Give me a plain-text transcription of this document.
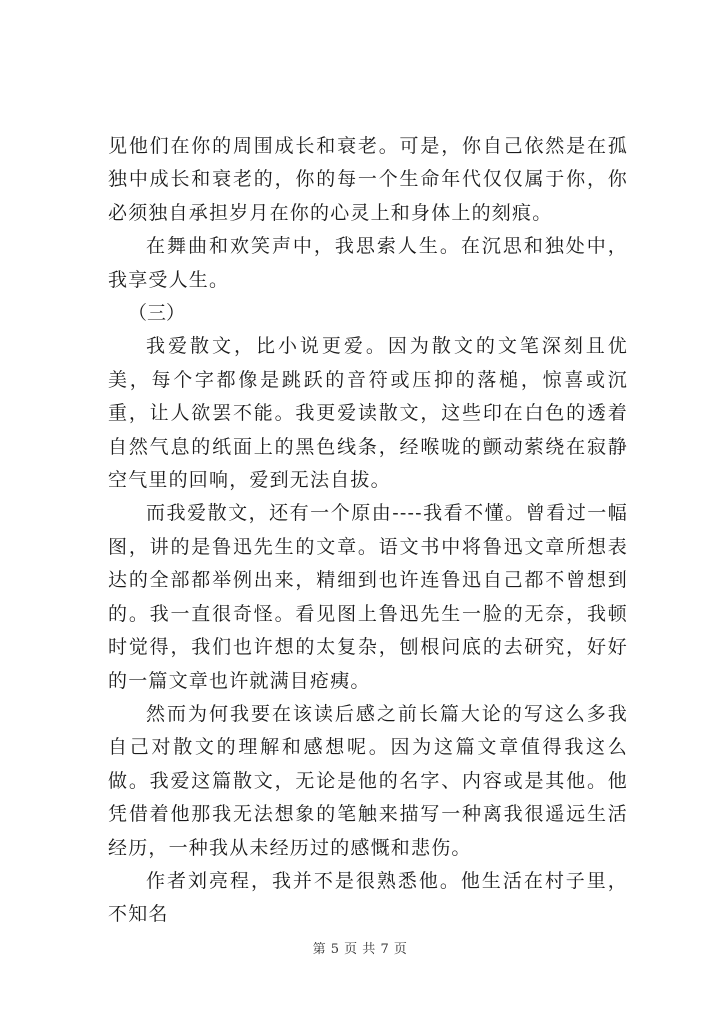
见他们在你的周围成长和衰老。可是，你自己依然是在孤独中成长和衰老的，你的每一个生命年代仅仅属于你，你必须独自承担岁月在你的心灵上和身体上的刻痕。

在舞曲和欢笑声中，我思索人生。在沉思和独处中，我享受人生。

（三）

我爱散文，比小说更爱。因为散文的文笔深刻且优美，每个字都像是跳跃的音符或压抑的落槌，惊喜或沉重，让人欲罢不能。我更爱读散文，这些印在白色的透着自然气息的纸面上的黑色线条，经喉咙的颤动萦绕在寂静空气里的回响，爱到无法自拔。

而我爱散文，还有一个原由----我看不懂。曾看过一幅图，讲的是鲁迅先生的文章。语文书中将鲁迅文章所想表达的全部都举例出来，精细到也许连鲁迅自己都不曾想到的。我一直很奇怪。看见图上鲁迅先生一脸的无奈，我顿时觉得，我们也许想的太复杂，刨根问底的去研究，好好的一篇文章也许就满目疮痍。

然而为何我要在该读后感之前长篇大论的写这么多我自己对散文的理解和感想呢。因为这篇文章值得我这么做。我爱这篇散文，无论是他的名字、内容或是其他。他凭借着他那我无法想象的笔触来描写一种离我很遥远生活经历，一种我从未经历过的感慨和悲伤。

作者刘亮程，我并不是很熟悉他。他生活在村子里，不知名

第 5 页 共 7 页
